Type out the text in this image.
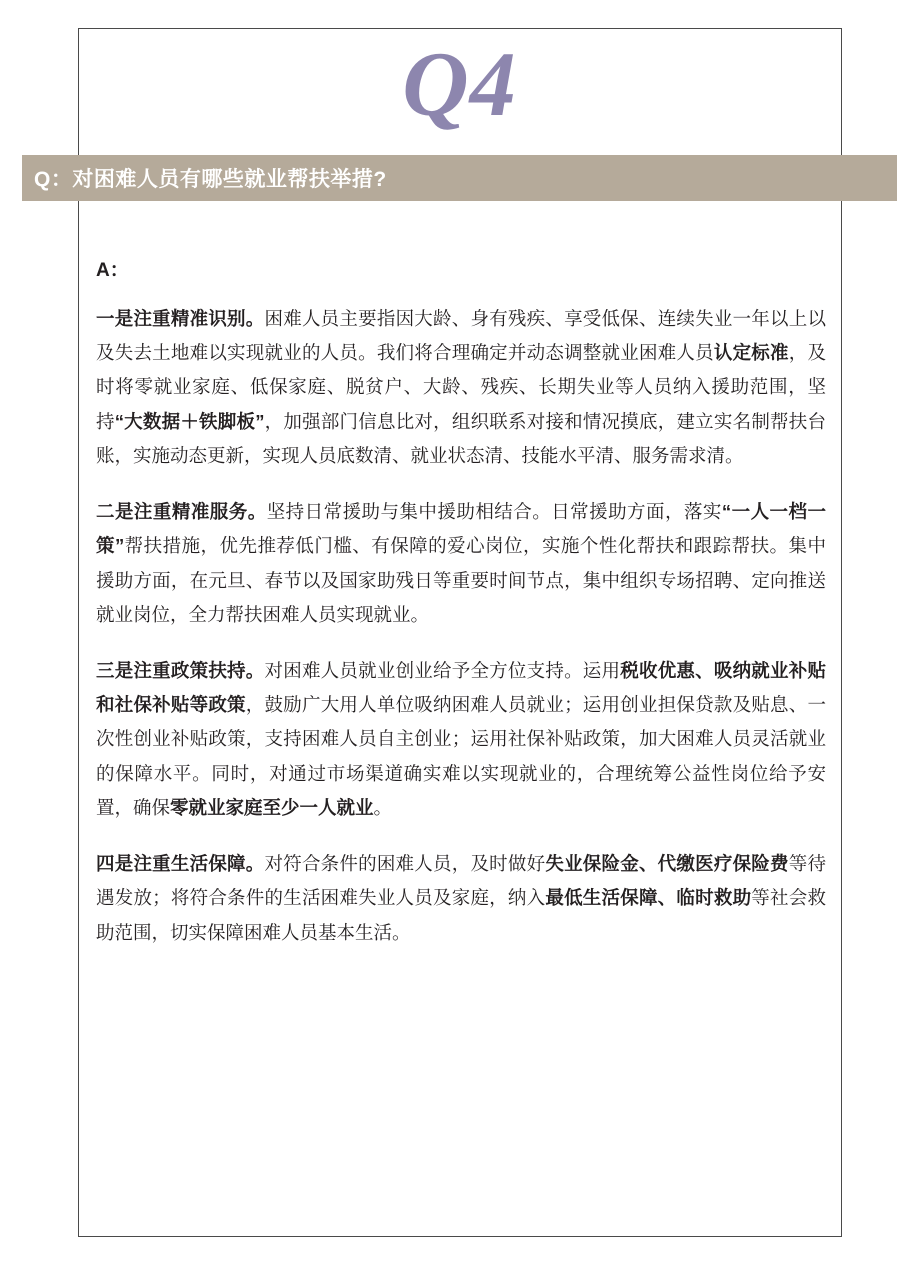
Q4
Q：对困难人员有哪些就业帮扶举措?
A：

一是注重精准识别。困难人员主要指因大龄、身有残疾、享受低保、连续失业一年以上以及失去土地难以实现就业的人员。我们将合理确定并动态调整就业困难人员认定标准，及时将零就业家庭、低保家庭、脱贫户、大龄、残疾、长期失业等人员纳入援助范围，坚持“大数据＋铁脚板”，加强部门信息比对，组织联系对接和情况摸底，建立实名制帮扶台账，实施动态更新，实现人员底数清、就业状态清、技能水平清、服务需求清。

二是注重精准服务。坚持日常援助与集中援助相结合。日常援助方面，落实“一人一档一策”帮扶措施，优先推荐低门槛、有保障的爱心岗位，实施个性化帮扶和跟踪帮扶。集中援助方面，在元旦、春节以及国家助残日等重要时间节点，集中组织专场招聘、定向推送就业岗位，全力帮扶困难人员实现就业。

三是注重政策扶持。对困难人员就业创业给予全方位支持。运用税收优惠、吸纳就业补贴和社保补贴等政策，鼓励广大用人单位吸纳困难人员就业；运用创业担保贷款及贴息、一次性创业补贴政策，支持困难人员自主创业；运用社保补贴政策，加大困难人员灵活就业的保障水平。同时，对通过市场渠道确实难以实现就业的，合理统筹公益性岗位给予安置，确保零就业家庭至少一人就业。

四是注重生活保障。对符合条件的困难人员，及时做好失业保险金、代缴医疗保险费等待遇发放；将符合条件的生活困难失业人员及家庭，纳入最低生活保障、临时救助等社会救助范围，切实保障困难人员基本生活。
